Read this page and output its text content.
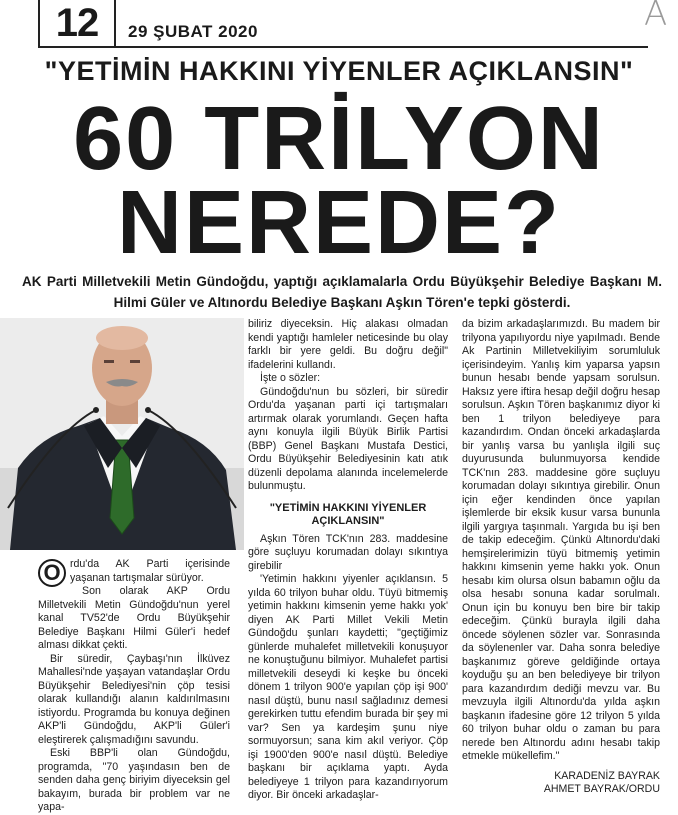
12	29 ŞUBAT 2020	A
"YETİMİN HAKKINI YİYENLER AÇIKLANSIN"
60 TRİLYON
NEREDE?
AK Parti Milletvekili Metin Gündoğdu, yaptığı açıklamalarla Ordu Büyükşehir Belediye Başkanı M. Hilmi Güler ve Altınordu Belediye Başkanı Aşkın Tören'e tepki gösterdi.

O rdu'da AK Parti içerisinde yaşanan tartışmalar sürüyor.

Son olarak AKP Ordu Milletvekili Metin Gündoğdu'nun yerel kanal TV52'de Ordu Büyükşehir Belediye Başkanı Hilmi Güler'i hedef alması dikkat çekti.

Bir süredir, Çaybaşı'nın İlküvez Mahallesi'nde yaşayan vatandaşlar Ordu Büyükşehir Belediyesi'nin çöp tesisi olarak kullandığı alanın kaldırılmasını istiyordu. Programda bu konuya değinen AKP'li Gündoğdu, AKP'li Güler'i eleştirerek çalışmadığını savundu.

Eski BBP'li olan Gündoğdu, programda, "70 yaşındasın ben de senden daha genç biriyim diyeceksin gel bakayım, burada bir problem var ne yapa-

biliriz diyeceksin. Hiç alakası olmadan kendi yaptığı hamleler neticesinde bu olay farklı bir yere geldi. Bu doğru değil" ifadelerini kullandı.

İşte o sözler:

Gündoğdu'nun bu sözleri, bir süredir Ordu'da yaşanan parti içi tartışmaları artırmak olarak yorumlandı. Geçen hafta aynı konuyla ilgili Büyük Birlik Partisi (BBP) Genel Başkanı Mustafa Destici, Ordu Büyükşehir Belediyesinin katı atık düzenli depolama alanında incelemelerde bulunmuştu.

"YETİMİN HAKKINI YİYENLER AÇIKLANSIN"

Aşkın Tören TCK'nın 283. maddesine göre suçluyu korumadan dolayı sıkıntıya girebilir

'Yetimin hakkını yiyenler açıklansın. 5 yılda 60 trilyon buhar oldu. Tüyü bitmemiş yetimin hakkını kimsenin yeme hakkı yok' diyen AK Parti Millet Vekili Metin Gündoğdu şunları kaydetti; "geçtiğimiz günlerde muhalefet milletvekili konuşuyor ne konuştuğunu bilmiyor. Muhalefet partisi milletvekili deseydi ki keşke bu önceki dönem 1 trilyon 900'e yapılan çöp işi 900' nasıl düştü, bunu nasıl sağladınız demesi gerekirken tuttu efendim burada bir şey mi var? Sen ya kardeşim şunu niye sormuyorsun; sana kim akıl veriyor. Çöp işi 1900'den 900'e nasıl düştü. Belediye başkanı bir açıklama yaptı. Ayda belediyeye 1 trilyon para kazandırıyorum diyor. Bir önceki arkadaşlar-

da bizim arkadaşlarımızdı. Bu madem bir trilyona yapılıyordu niye yapılmadı. Bende Ak Partinin Milletvekiliyim sorumluluk içerisindeyim. Yanlış kim yaparsa yapsın bunun hesabı bende yapsam sorulsun. Haksız yere iftira hesap değil doğru hesap sorulsun. Aşkın Tören başkanımız diyor ki ben 1 trilyon belediyeye para kazandırdım. Ondan önceki arkadaşlarda bir yanlış varsa bu yanlışla ilgili suç duyurusunda bulunmuyorsa kendide TCK'nın 283. maddesine göre suçluyu korumadan dolayı sıkıntıya girebilir. Onun için eğer kendinden önce yapılan işlemlerde bir eksik kusur varsa bununla ilgili yargıya taşınmalı. Yargıda bu işi ben de takip edeceğim. Çünkü Altınordu'daki hemşirelerimizin tüyü bitmemiş yetimin hakkını kimsenin yeme hakkı yok. Onun hesabı kim olursa olsun babamın oğlu da olsa hesabı sonuna kadar sorulmalı. Onun için bu konuyu ben bire bir takip edeceğim. Çünkü burayla ilgili daha öncede söylenen sözler var. Sonrasında da söylenenler var. Daha sonra belediye başkanımız göreve geldiğinde ortaya koyduğu şu an ben belediyeye bir trilyon para kazandırdım dediği mevzu var. Bu mevzuyla ilgili Altınordu'da yılda aşkın başkanın ifadesine göre 12 trilyon 5 yılda 60 trilyon buhar oldu o zaman bu para nerede ben Altınordu adını hesabı takip etmekle mükellefim."

KARADENİZ BAYRAK
AHMET BAYRAK/ORDU
